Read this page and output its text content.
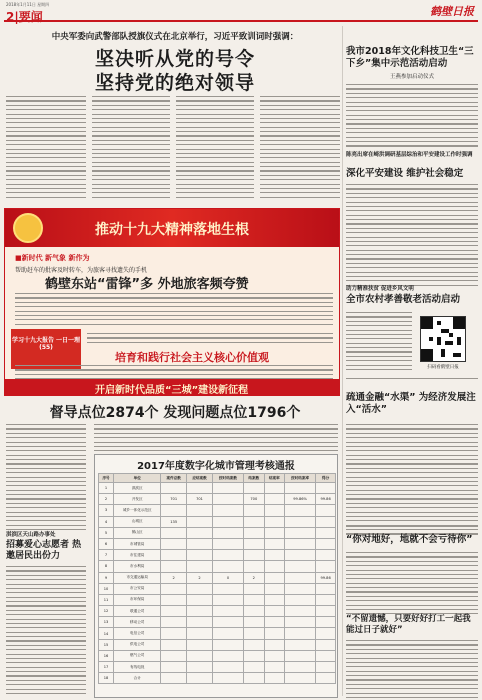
2018年1月11日 星期四
2|要闻	鹤壁日报
中央军委向武警部队授旗仪式在北京举行，习近平致训词时强调：
坚决听从党的号令
坚持党的绝对领导
推动十九大精神落地生根
■新时代 新气象 新作为
帮助赶车的批客及时转车，为旅客寻找遗失的手机
鹤壁东站“雷锋”多 外地旅客频夸赞
学习十九大报告 一日一理(55)
培育和践行社会主义核心价值观
开启新时代品质“三城”建设新征程
督导点位2874个 发现问题点位1796个
淇滨区天山路办事处
招募爱心志愿者 热邀居民出份力
2017年度数字化城市管理考核通报
序号	单位	案件总数	应结案数	按时结案数	结案数	结案率	按时结案率	得分
1	淇滨区							
2	开发区	701	701		700		99.86%	99.86
3	城乡一体化示范区							
4	山城区	135						
5	鹤山区							
6	市城管局							
7	市住建局							
8	市水利局							
9	市交通运输局	2	2	0	2			99.86
10	市公安局							
11	市环保局							
12	联通公司							
13	移动公司							
14	电信公司							
15	供电公司							
16	燃气公司							
17	有线电视							
18	合计							
我市2018年文化科技卫生“三下乡”集中示范活动启动
王燕参加启动仪式
陈亮出席在崎洪调研基层综治和平安建设工作时强调
深化平安建设 维护社会稳定
助力精准扶贫 促进乡风文明
全市农村孝善敬老活动启动
扫码看鹤壁日报
疏通金融“水渠” 为经济发展注入“活水”
“你对地好，地就不会亏待你”
“不留遗憾，只要好好打工一起我能过日子就好”
